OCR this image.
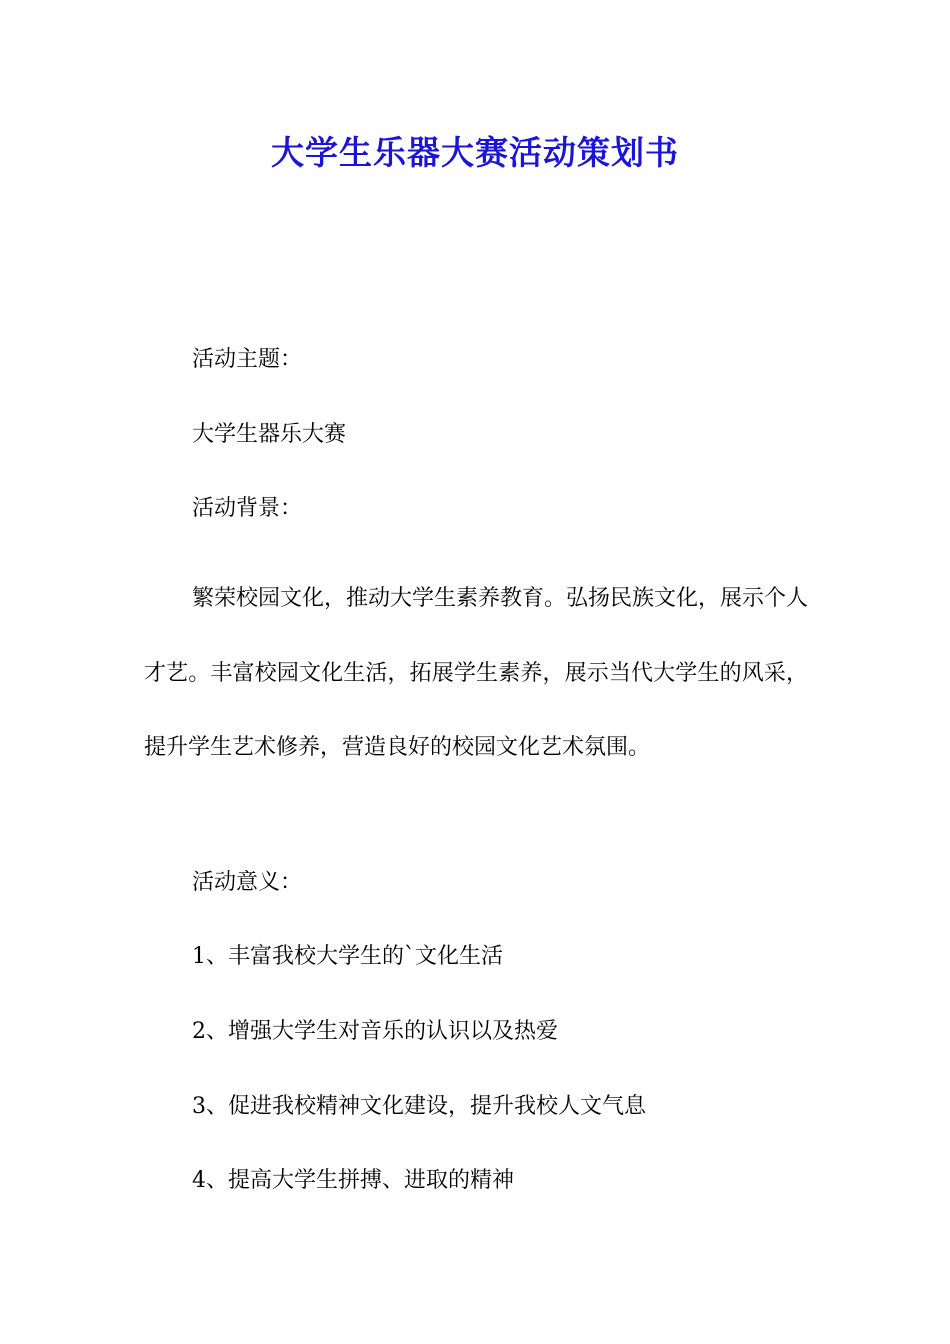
大学生乐器大赛活动策划书

活动主题：

大学生器乐大赛

活动背景：

繁荣校园文化，推动大学生素养教育。弘扬民族文化，展示个人才艺。丰富校园文化生活，拓展学生素养，展示当代大学生的风采，提升学生艺术修养，营造良好的校园文化艺术氛围。

活动意义：

1、丰富我校大学生的`文化生活

2、增强大学生对音乐的认识以及热爱

3、促进我校精神文化建设，提升我校人文气息

4、提高大学生拼搏、进取的精神
